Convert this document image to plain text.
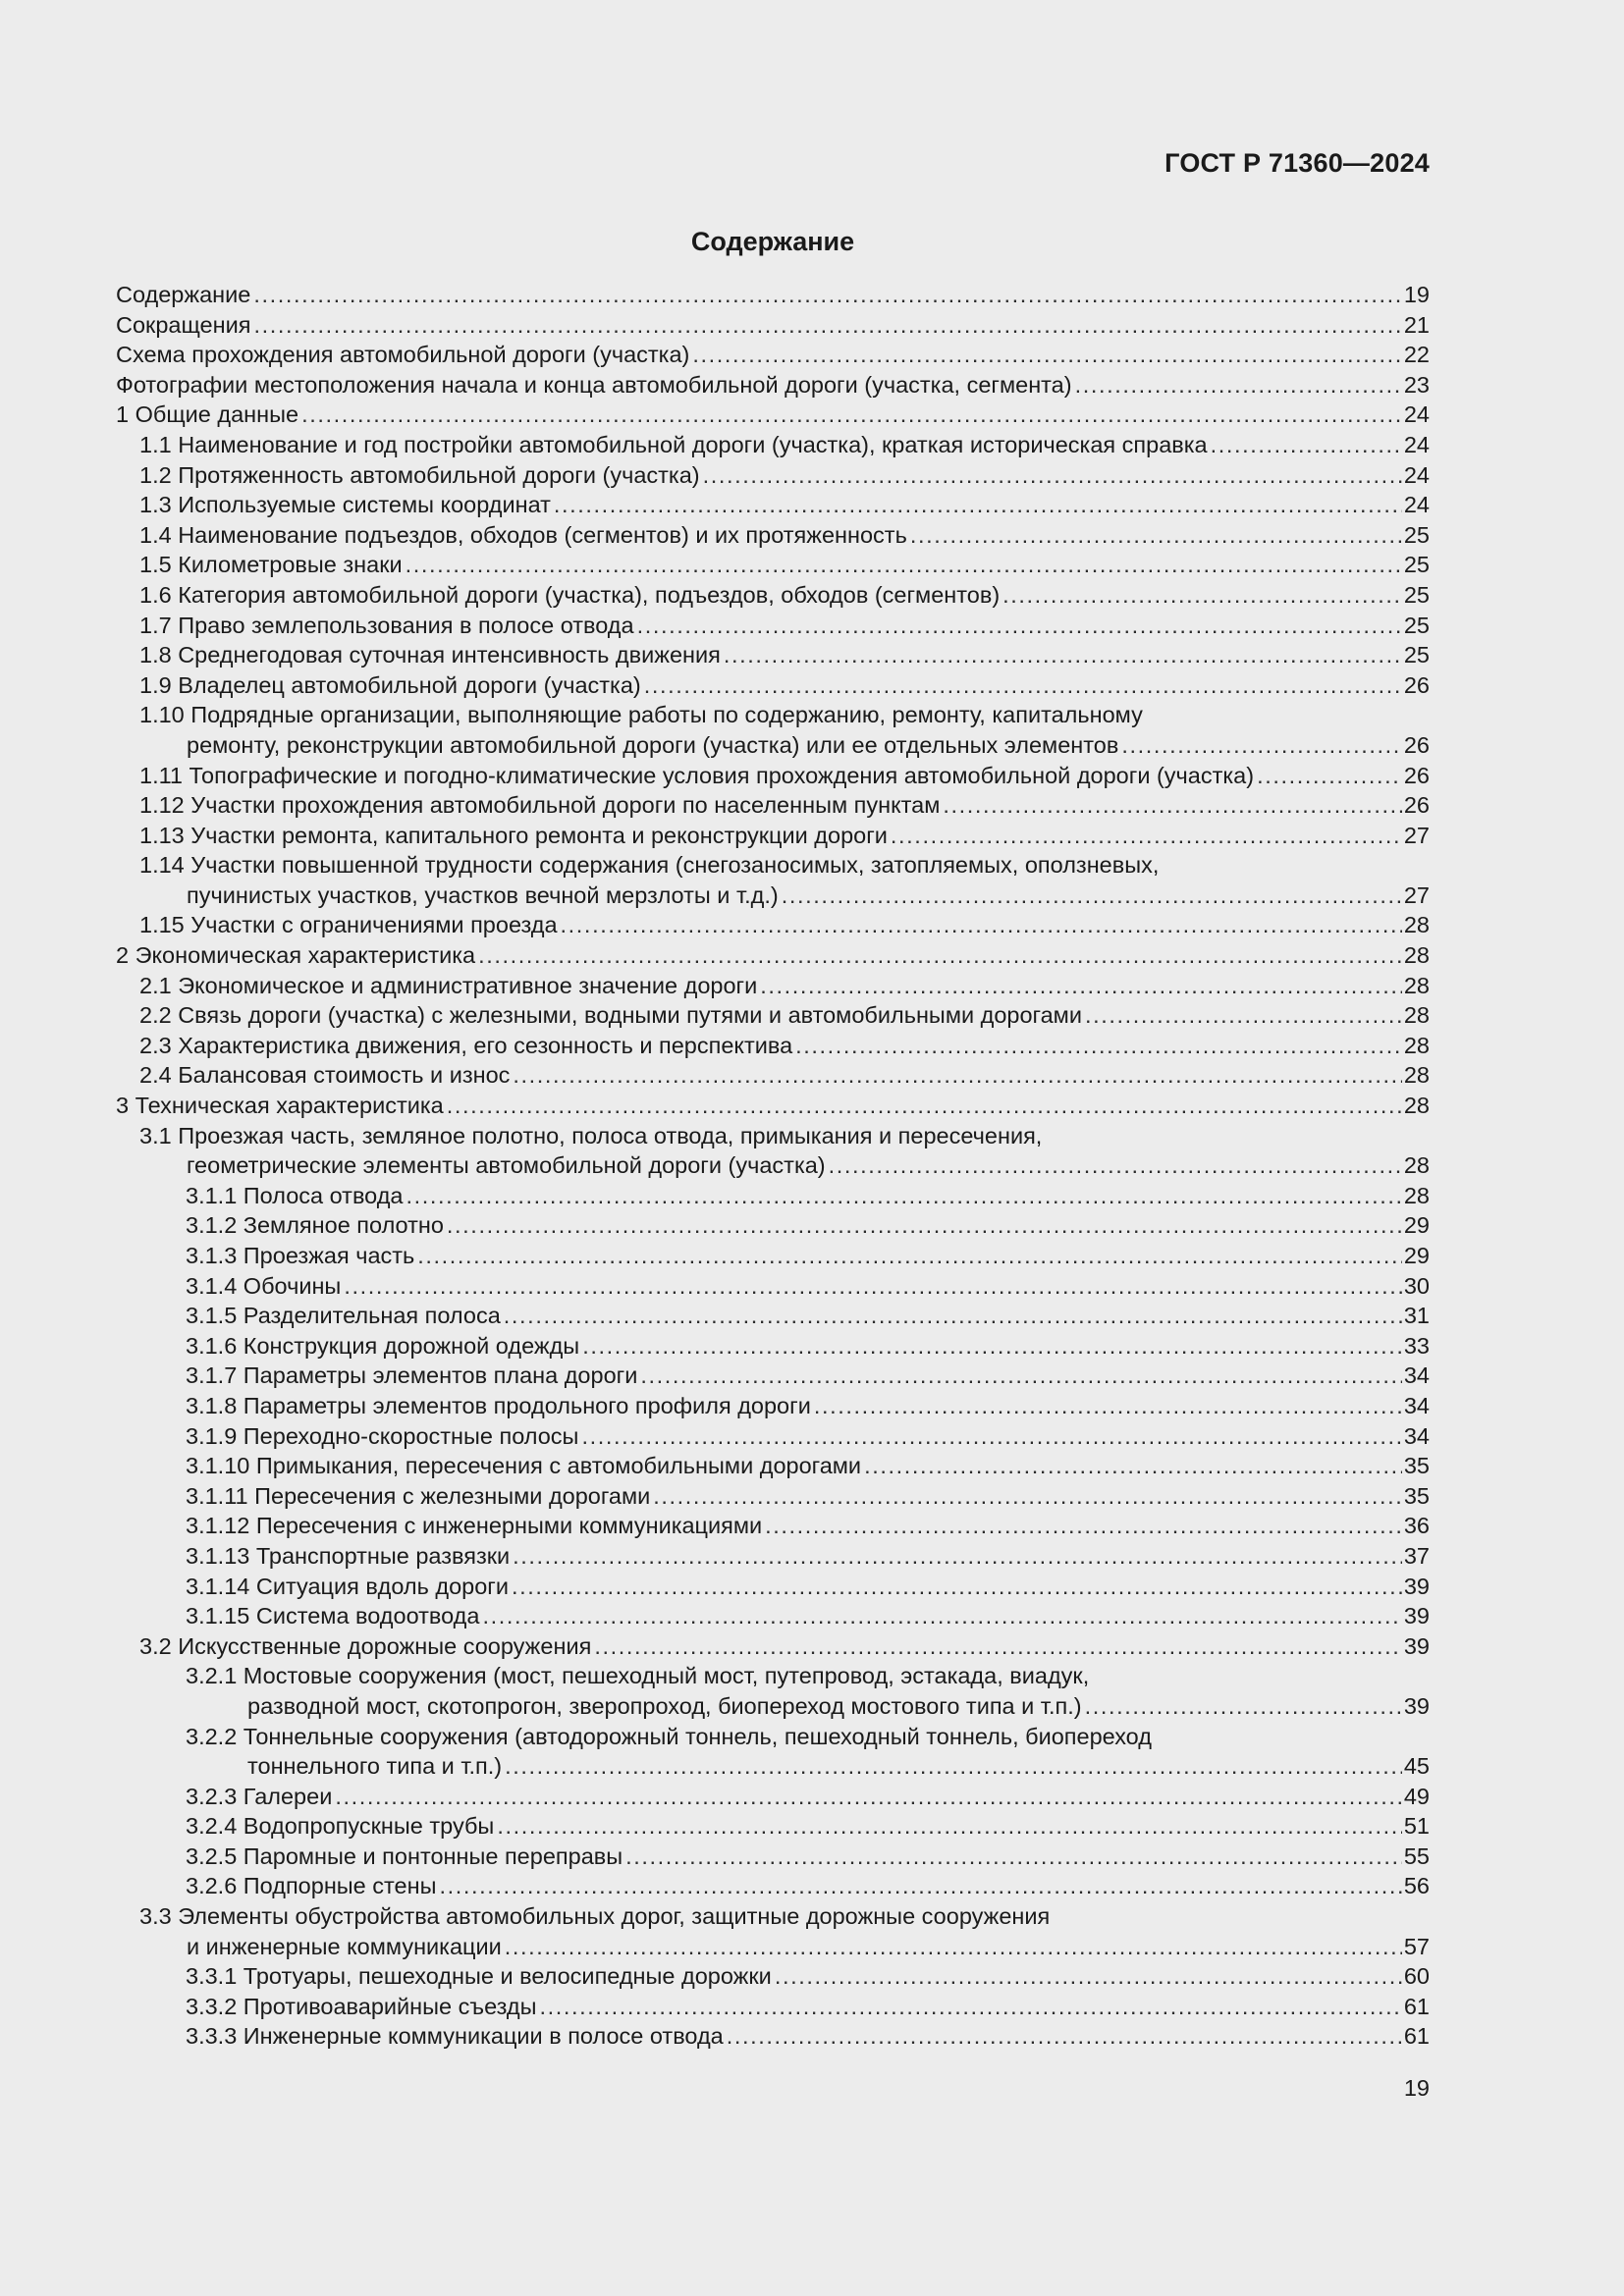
ГОСТ Р 71360—2024
Содержание
Содержание .....	19
Сокращения .....	21
Схема прохождения автомобильной дороги (участка) .....	22
Фотографии местоположения начала и конца автомобильной дороги (участка, сегмента) .....	23
1 Общие данные .....	24
1.1 Наименование и год постройки автомобильной дороги (участка), краткая историческая справка .....	24
1.2 Протяженность автомобильной дороги (участка) .....	24
1.3 Используемые системы координат .....	24
1.4 Наименование подъездов, обходов (сегментов) и их протяженность .....	25
1.5 Километровые знаки .....	25
1.6 Категория автомобильной дороги (участка), подъездов, обходов (сегментов) .....	25
1.7 Право землепользования в полосе отвода .....	25
1.8 Среднегодовая суточная интенсивность движения .....	25
1.9 Владелец автомобильной дороги (участка) .....	26
1.10 Подрядные организации, выполняющие работы по содержанию, ремонту, капитальному
ремонту, реконструкции автомобильной дороги (участка) или ее отдельных элементов .....	26
1.11 Топографические и погодно-климатические условия прохождения автомобильной дороги (участка) .....	26
1.12 Участки прохождения автомобильной дороги по населенным пунктам .....	26
1.13 Участки ремонта, капитального ремонта и реконструкции дороги .....	27
1.14 Участки повышенной трудности содержания (снегозаносимых, затопляемых, оползневых,
пучинистых участков, участков вечной мерзлоты и т.д.) .....	27
1.15 Участки с ограничениями проезда .....	28
2 Экономическая характеристика .....	28
2.1 Экономическое и административное значение дороги .....	28
2.2 Связь дороги (участка) с железными, водными путями и автомобильными дорогами .....	28
2.3 Характеристика движения, его сезонность и перспектива .....	28
2.4 Балансовая стоимость и износ .....	28
3 Техническая характеристика .....	28
3.1 Проезжая часть, земляное полотно, полоса отвода, примыкания и пересечения,
геометрические элементы автомобильной дороги (участка) .....	28
3.1.1 Полоса отвода .....	28
3.1.2 Земляное полотно .....	29
3.1.3 Проезжая часть .....	29
3.1.4 Обочины .....	30
3.1.5 Разделительная полоса .....	31
3.1.6 Конструкция дорожной одежды .....	33
3.1.7 Параметры элементов плана дороги .....	34
3.1.8 Параметры элементов продольного профиля дороги .....	34
3.1.9 Переходно-скоростные полосы .....	34
3.1.10 Примыкания, пересечения с автомобильными дорогами .....	35
3.1.11 Пересечения с железными дорогами .....	35
3.1.12 Пересечения с инженерными коммуникациями .....	36
3.1.13 Транспортные развязки .....	37
3.1.14 Ситуация вдоль дороги .....	39
3.1.15 Система водоотвода .....	39
3.2 Искусственные дорожные сооружения .....	39
3.2.1 Мостовые сооружения (мост, пешеходный мост, путепровод, эстакада, виадук,
разводной мост, скотопрогон, зверопроход, биопереход мостового типа и т.п.) .....	39
3.2.2 Тоннельные сооружения (автодорожный тоннель, пешеходный тоннель, биопереход
тоннельного типа и т.п.) .....	45
3.2.3 Галереи .....	49
3.2.4 Водопропускные трубы .....	51
3.2.5 Паромные и понтонные переправы .....	55
3.2.6 Подпорные стены .....	56
3.3 Элементы обустройства автомобильных дорог, защитные дорожные сооружения
и инженерные коммуникации .....	57
3.3.1 Тротуары, пешеходные и велосипедные дорожки .....	60
3.3.2 Противоаварийные съезды .....	61
3.3.3 Инженерные коммуникации в полосе отвода .....	61
19
